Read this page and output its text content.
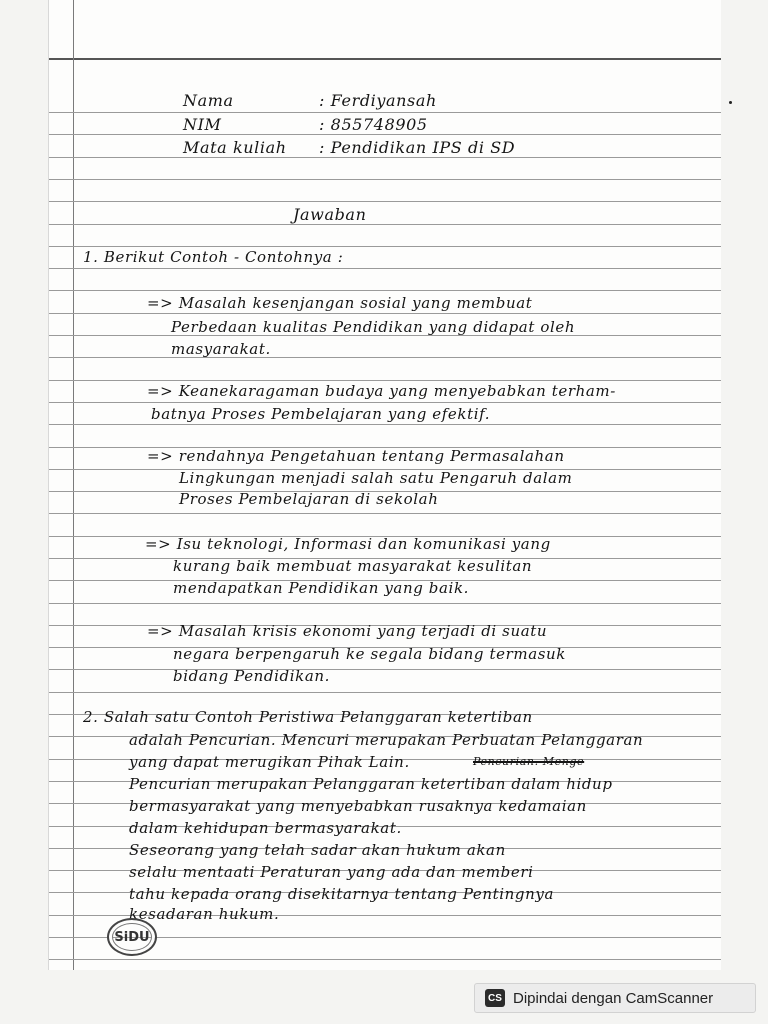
Nama	: Ferdiyansah
NIM	: 855748905
Mata kuliah : Pendidikan IPS di SD
Jawaban
1. Berikut Contoh - Contohnya :
=> Masalah kesenjangan sosial yang membuat
Perbedaan kualitas Pendidikan yang didapat oleh
masyarakat.
=> Keanekaragaman budaya yang menyebabkan terham-
batnya Proses Pembelajaran yang efektif.
=> rendahnya Pengetahuan tentang Permasalahan
Lingkungan menjadi salah satu Pengaruh dalam
Proses Pembelajaran di sekolah
=> Isu teknologi, Informasi dan komunikasi yang
kurang baik membuat masyarakat kesulitan
mendapatkan Pendidikan yang baik.
=> Masalah krisis ekonomi yang terjadi di suatu
negara berpengaruh ke segala bidang termasuk
bidang Pendidikan.
2. Salah satu Contoh Peristiwa Pelanggaran ketertiban
adalah Pencurian. Mencuri merupakan Perbuatan Pelanggaran
yang dapat merugikan Pihak Lain.	Pencurian. Menge
Pencurian merupakan Pelanggaran ketertiban dalam hidup
bermasyarakat yang menyebabkan rusaknya kedamaian
dalam kehidupan bermasyarakat.
Seseorang yang telah sadar akan hukum akan
selalu mentaati Peraturan yang ada dan memberi
tahu kepada orang disekitarnya tentang Pentingnya
kesadaran hukum.
SiDU
CS Dipindai dengan CamScanner
